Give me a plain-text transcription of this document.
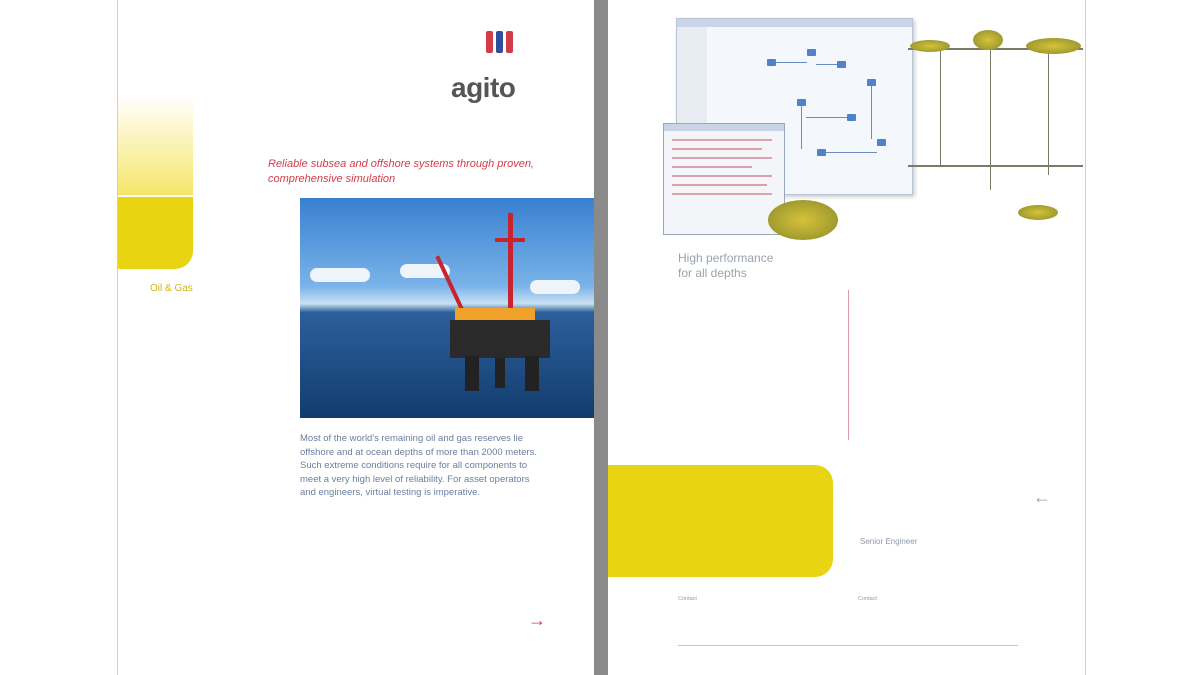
Oil & Gas
agito
Reliable subsea and offshore systems through proven, comprehensive simulation
Most of the world's remaining oil and gas reserves lie offshore and at ocean depths of more than 2000 meters. Such extreme conditions require for all components to meet a very high level of reliability. For asset operators and engineers, virtual testing is imperative.
→
High performance
for all depths
Senior Engineer
←
Contact	Contact
